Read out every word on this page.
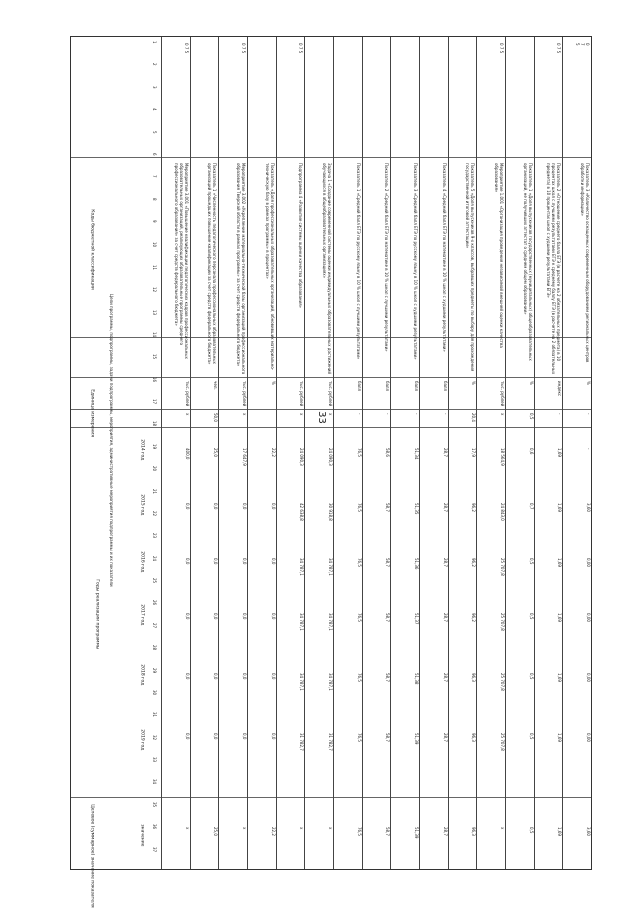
33
Коды бюджетной классификации
Цели программы, подпрограммы, задачи подпрограммы, мероприятия, административные мероприятия подпрограммы и их показатели
Единица измерения
Годы реализации программы
Целевое (суммарное) значение показателя
2014 год
2015 год
2016 год
2017 год
2018 год
2019 год
значение
0 7 5
Мероприятие 3.001 «Повышение квалификации педагогических кадров профессиональных образовательных организаций, реализующих образовательные программы среднего профессионального образования» за счет средств федерального бюджета»
тыс. рублей
x
400,0
0,0
0,0
0,0
0,0
0,0
x
Показатель 1 «Численность педагогического персонала профессиональных образовательных организаций прошедших повышение квалификации за счет средств федерального бюджета»
чел.
50,0
25,0
0,0
0,0
0,0
0,0
0,0
25,0
0 7 5
Мероприятие 3.002 «Укрепление материально-технической базы организаций профессионального образования Тверской области в рамках программы» за счет средств федерального бюджета»
тыс. рублей
x
17 647,9
0,0
0,0
0,0
0,0
0,0
x
Показатель «Доля профессиональных образовательных организаций, обновивших материально-техническую базу в рамках программы» в процентах»
%
22,2
0,0
0,0
0,0
0,0
0,0
22,2
0 7 5
Подпрограмма 4 «Развитие системы оценки качества образования»
тыс. рублей
x
24 090,3
42 638,8
34 787,1
34 787,1
34 787,1
31 782,7
x
Задача 1 «Создание современной системы оценки индивидуальных образовательных достижений обучающихся в общеобразовательных организациях»
тыс. рублей
x
24 090,3
30 918,8
34 787,1
34 787,1
34 787,1
31 782,7
x
Показатель 1 «Средний балл ЕГЭ по русскому языку в 10 % школ с лучшими результатами»
балл
-
76,5
76,5
76,5
76,5
76,5
76,5
76,5
Показатель 2 «Средний балл ЕГЭ по математике в 10 % школ с лучшими результатами»
балл
-
58,6
58,7
58,7
58,7
58,7
58,7
58,7
Показатель 3 «Средний балл ЕГЭ по русскому языку в 10 % школ с худшими результатами»
балл
-
51,34
51,35
51,36
51,37
51,38
51,39
51,39
Показатель 4 «Средний балл ЕГЭ по математике в 10 % школ с худшими результатами»
балл
-
28,7
28,7
28,7
28,7
28,7
28,7
28,7
Показатель 5 «Доля выпускников 9-х классов, выбравших предметы по выбору для прохождения государственной итоговой аттестации»
%
20,4
17,9
96,2
96,2
96,2
96,3
96,3
96,3
0 7 5
Мероприятие 1.001 «Организация проведения независимой внешней оценки качества образования»
тыс. рублей
x
18 564,9
24 843,0
25 707,8
25 707,8
25 707,8
25 707,8
x
Показатель 1 «Доля выпускников государственных (муниципальных) общеобразовательных организаций, не получивших аттестат о среднем общем образовании»
%
0,5
0,6
0,7
0,5
0,5
0,5
0,5
0,5
0 7 5
Показатель 2 «Отношение среднего балла ЕГЭ (в расчете на 2 обязательных предмета) в 10 процентах школ с лучшими результатами ЕГЭ к среднему баллу ЕГЭ (в расчете на 2 обязательных предмета) в 10 процентах школ с худшими результатами ЕГЭ»
индекс
-
1,69
1,69
1,69
1,69
1,69
1,69
1,69
0 7 5
Показатель 3 «Количество оснащенных современным оборудованием региональных центров обработки информации»
%
-
-
3,60
0,00
0,00
0,00
0,00
3,60
1
2
3
4
5
6
7
8
9
10
11
12
13
14
15
16
17
18
19
20
21
22
23
24
25
26
27
28
29
30
31
32
33
34
35
36
37
